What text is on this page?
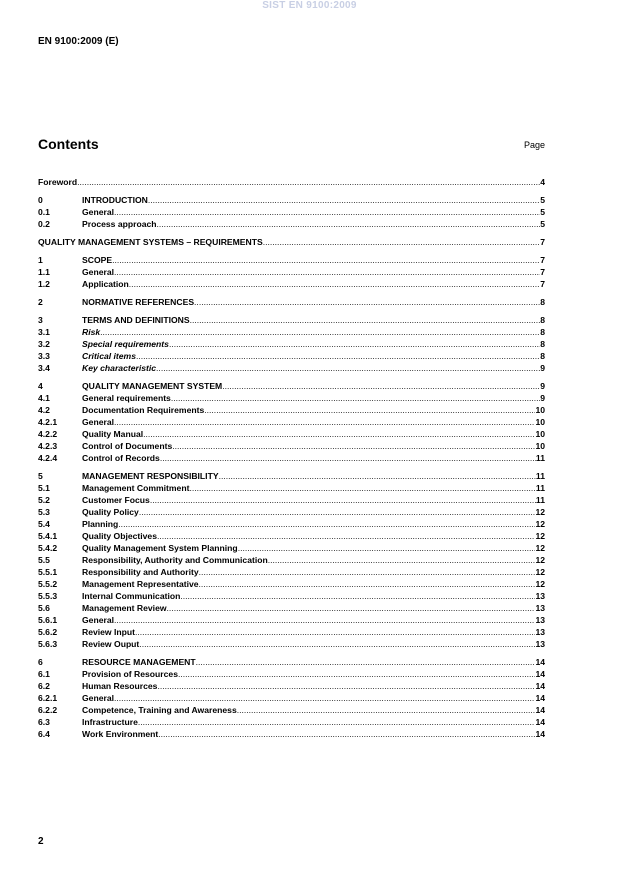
SIST EN 9100:2009
EN 9100:2009 (E)
Contents	Page
Foreword .....	4
0	INTRODUCTION .....	5
0.1	General .....	5
0.2	Process approach .....	5
QUALITY MANAGEMENT SYSTEMS – REQUIREMENTS .....	7
1	SCOPE .....	7
1.1	General .....	7
1.2	Application .....	7
2	NORMATIVE REFERENCES .....	8
3	TERMS AND DEFINITIONS .....	8
3.1	Risk .....	8
3.2	Special requirements .....	8
3.3	Critical items .....	8
3.4	Key characteristic .....	9
4	QUALITY MANAGEMENT SYSTEM .....	9
4.1	General requirements .....	9
4.2	Documentation Requirements .....	10
4.2.1	General .....	10
4.2.2	Quality Manual .....	10
4.2.3	Control of Documents .....	10
4.2.4	Control of Records .....	11
5	MANAGEMENT RESPONSIBILITY .....	11
5.1	Management Commitment .....	11
5.2	Customer Focus .....	11
5.3	Quality Policy .....	12
5.4	Planning .....	12
5.4.1	Quality Objectives .....	12
5.4.2	Quality Management System Planning .....	12
5.5	Responsibility, Authority and Communication .....	12
5.5.1	Responsibility and Authority .....	12
5.5.2	Management Representative .....	12
5.5.3	Internal Communication .....	13
5.6	Management Review .....	13
5.6.1	General .....	13
5.6.2	Review Input .....	13
5.6.3	Review Ouput .....	13
6	RESOURCE MANAGEMENT .....	14
6.1	Provision of Resources .....	14
6.2	Human Resources .....	14
6.2.1	General .....	14
6.2.2	Competence, Training and Awareness .....	14
6.3	Infrastructure .....	14
6.4	Work Environment .....	14
2
